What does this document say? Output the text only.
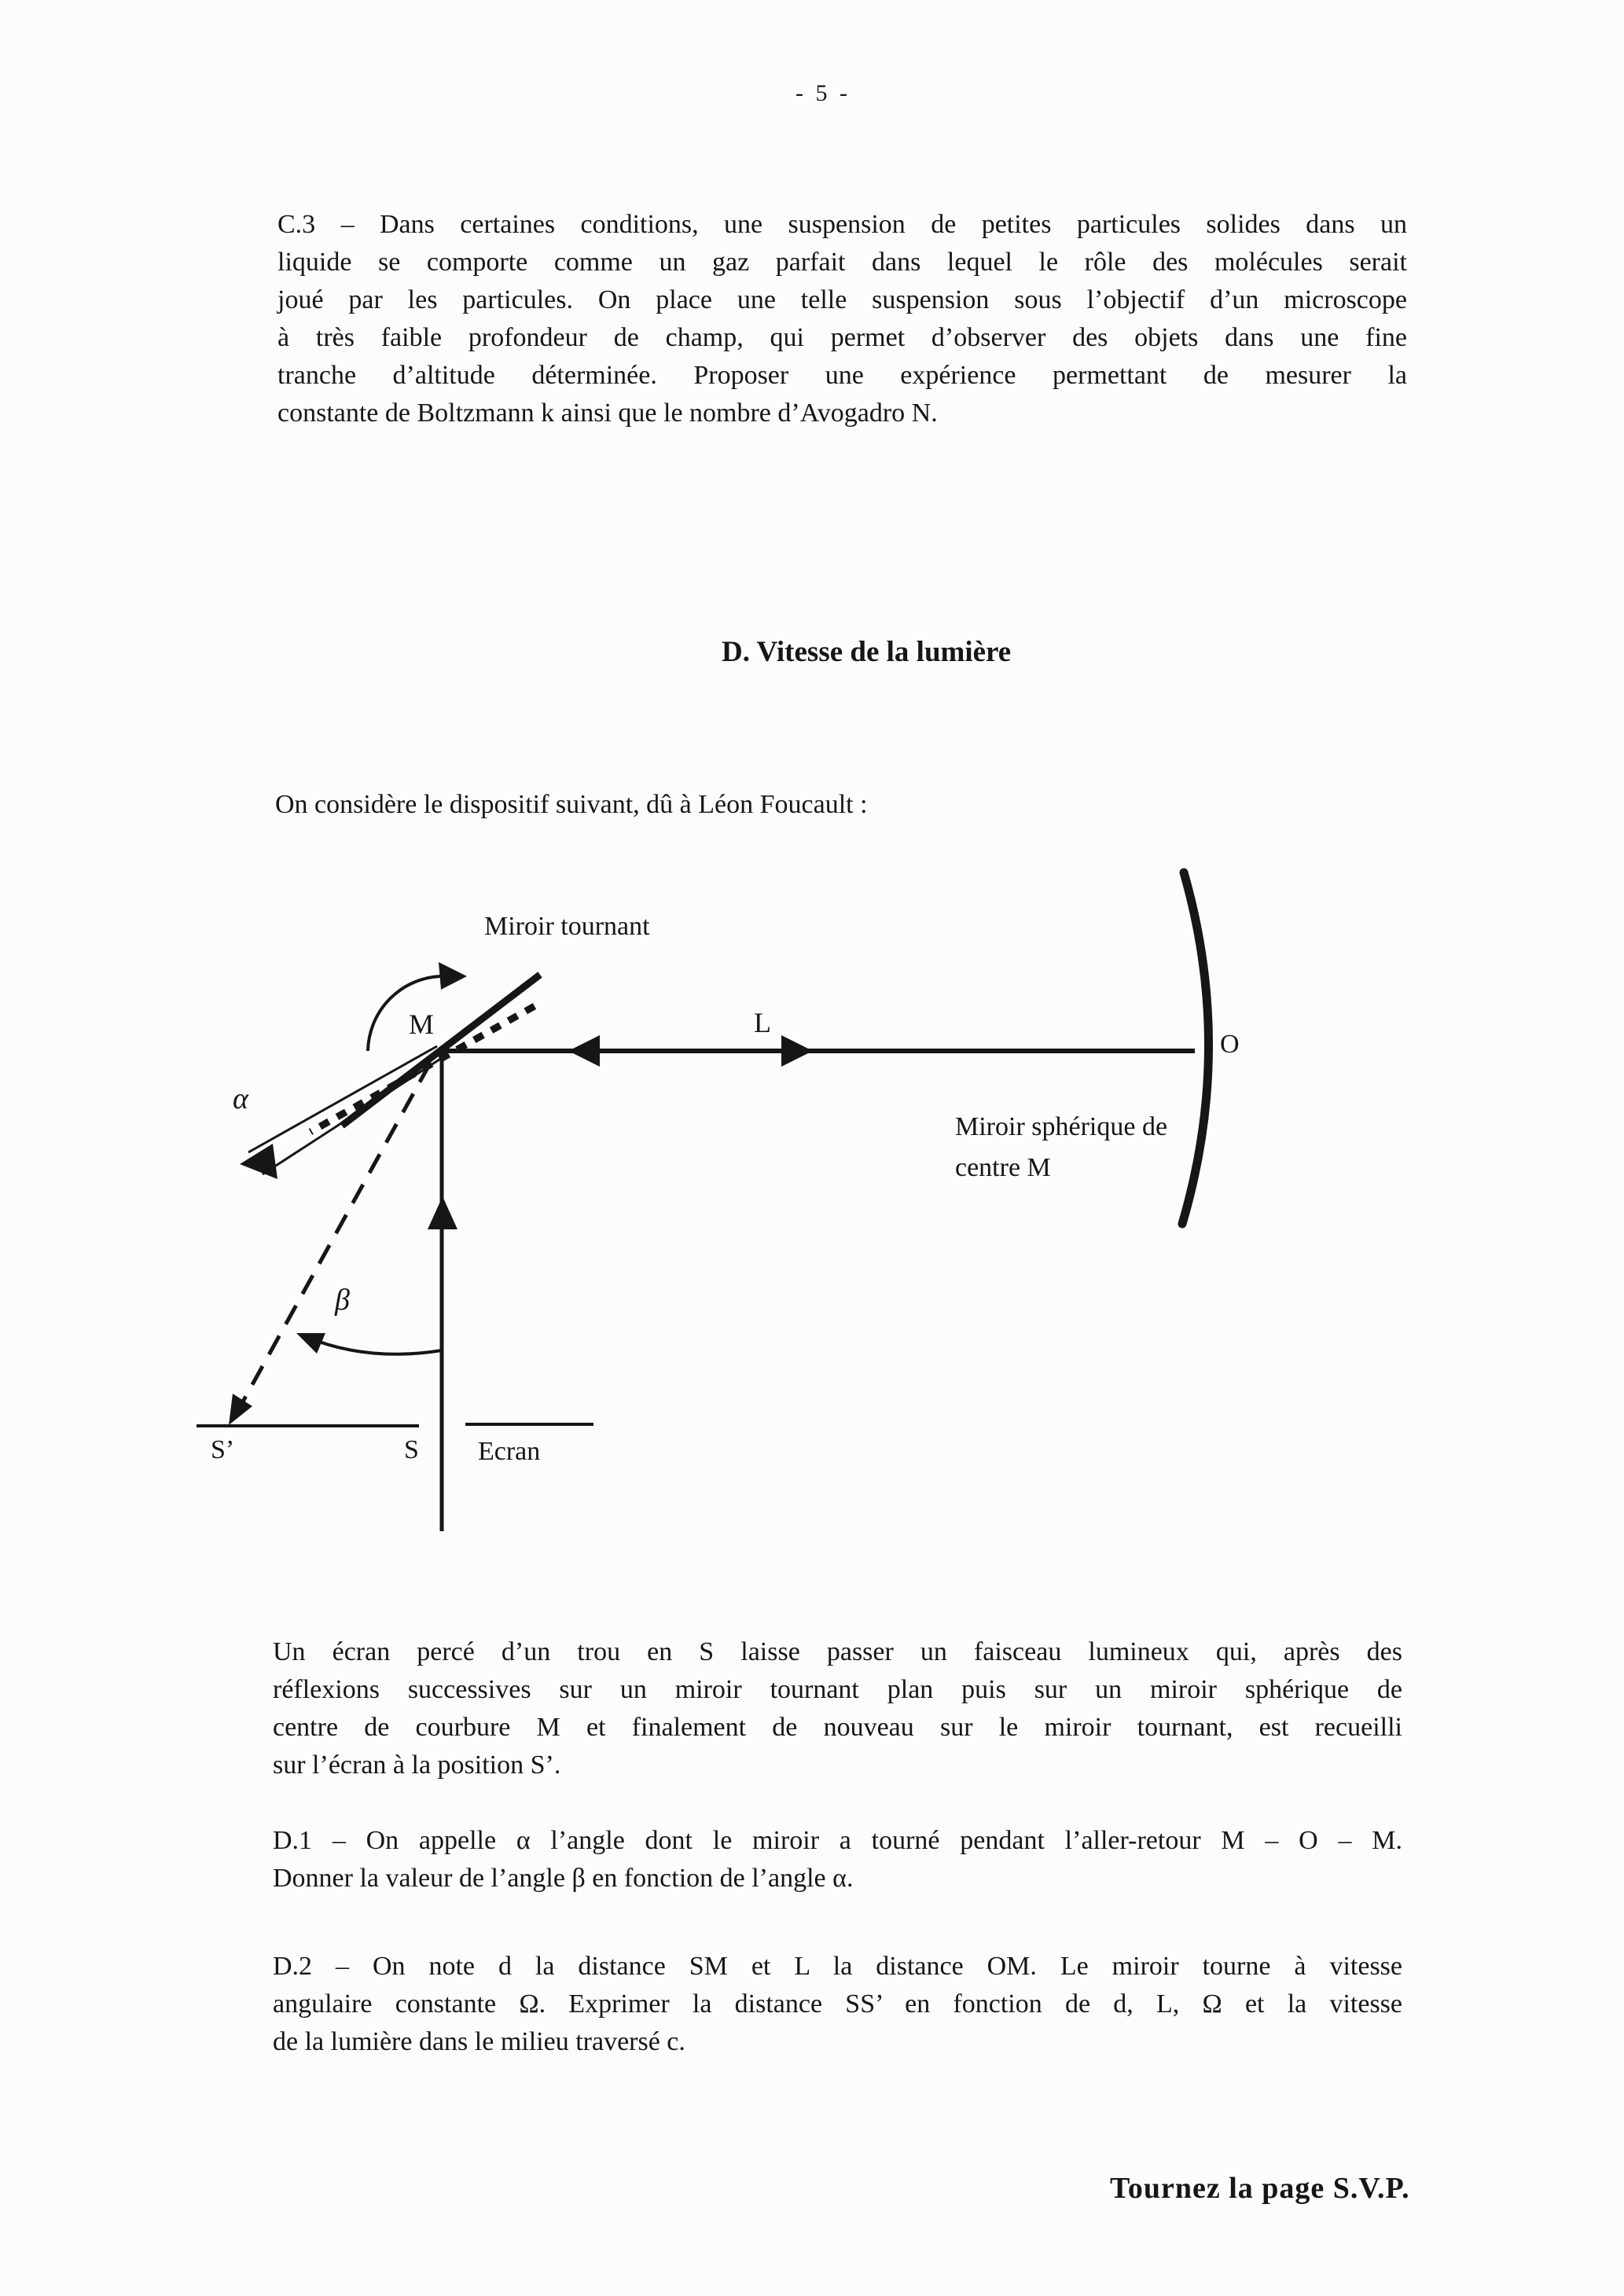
- 5 -
C.3 – Dans certaines conditions, une suspension de petites particules solides dans un
liquide se comporte comme un gaz parfait dans lequel le rôle des molécules serait
joué par les particules. On place une telle suspension sous l’objectif d’un microscope
à très faible profondeur de champ, qui permet d’observer des objets dans une fine
tranche d’altitude déterminée. Proposer une expérience permettant de mesurer la
constante de Boltzmann k ainsi que le nombre d’Avogadro N.
D. Vitesse de la lumière
On considère le dispositif suivant, dû à Léon Foucault :
Miroir tournant
M
α
L
O
Miroir sphérique de
centre M
β
S’	S Ecran
Un écran percé d’un trou en S laisse passer un faisceau lumineux qui, après des
réflexions successives sur un miroir tournant plan puis sur un miroir sphérique de
centre de courbure M et finalement de nouveau sur le miroir tournant, est recueilli
sur l’écran à la position S’.
D.1 – On appelle α l’angle dont le miroir a tourné pendant l’aller-retour M – O – M.
Donner la valeur de l’angle β en fonction de l’angle α.
D.2 – On note d la distance SM et L la distance OM. Le miroir tourne à vitesse
angulaire constante Ω. Exprimer la distance SS’ en fonction de d, L, Ω et la vitesse
de la lumière dans le milieu traversé c.
Tournez la page S.V.P.
